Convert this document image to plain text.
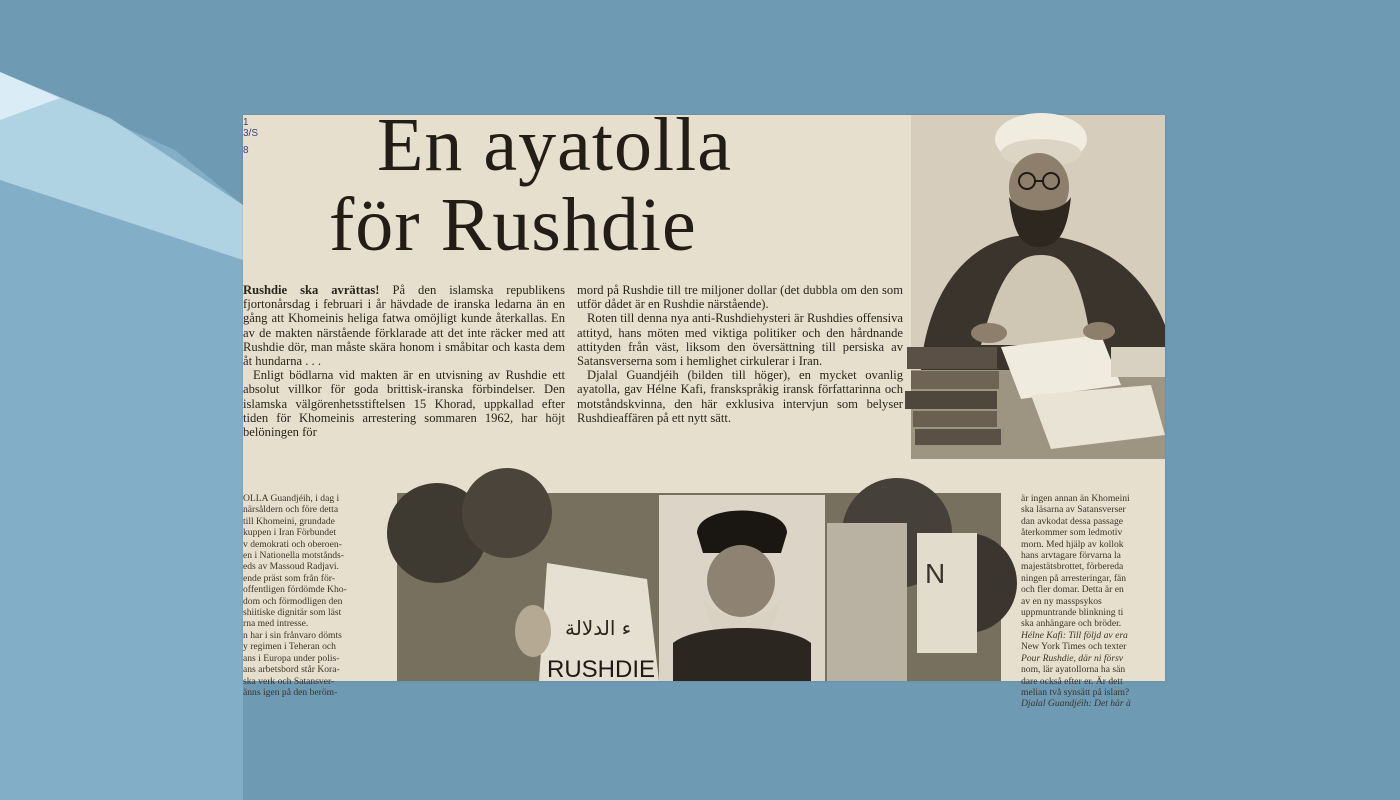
1
3/S
8 En ayatolla
för Rushdie

Rushdie ska avrättas! På den islamska republikens fjortonårsdag i februari i år hävdade de iranska ledarna än en gång att Khomeinis heliga fatwa omöjligt kunde återkallas. En av de makten närstående förklarade att det inte räcker med att Rushdie dör, man måste skära honom i småbitar och kasta dem åt hundarna . . .

Enligt bödlarna vid makten är en utvisning av Rushdie ett absolut villkor för goda brittisk-iranska förbindelser. Den islamska välgörenhetsstiftelsen 15 Khorad, uppkallad efter tiden för Khomeinis arrestering sommaren 1962, har höjt belöningen för

mord på Rushdie till tre miljoner dollar (det dubbla om den som utför dådet är en Rushdie närstående).

Roten till denna nya anti-Rushdiehysteri är Rushdies offensiva attityd, hans möten med viktiga politiker och den hårdnande attityden från väst, liksom den översättning till persiska av Satansverserna som i hemlighet cirkulerar i Iran.

Djalal Guandjéih (bilden till höger), en mycket ovanlig ayatolla, gav Hélne Kafi, franskspråkig iransk författarinna och motståndskvinna, den här exklusiva intervjun som belyser Rushdieaffären på ett nytt sätt.

OLLA Guandjéih, i dag i
närsåldern och före detta
till Khomeini, grundade
kuppen i Iran Förbundet
v demokrati och oberoen-
en i Nationella motstånds-
eds av Massoud Radjavi.
ende präst som från för-
offentligen fördömde Kho-
dom och förmodligen den
shiitiske dignitär som läst
rna med intresse.
n har i sin frånvaro dömts
y regimen i Teheran och
ans i Europa under polis-
ans arbetsbord står Kora-
ska verk och Satansver-
änns igen på den beröm-
ء الدلالة
RUSHDIE
N
är ingen annan än Khomeini
ska läsarna av Satansverser
dan avkodat dessa passage
återkommer som ledmotiv
morn. Med hjälp av kollok
hans arvtagare förvarna la
majestätsbrottet, förbereda
ningen på arresteringar, fän
och fler domar. Detta är en
av en ny masspsykos
uppmuntrande blinkning ti
ska anhängare och bröder.
Hélne Kafi: Till följd av era
New York Times och texter
Pour Rushdie, där ni försv
nom, lär ayatollorna ha sän
dare också efter er. Är dett
melian två synsätt på islam?
Djalal Guandjéih: Det här ä
